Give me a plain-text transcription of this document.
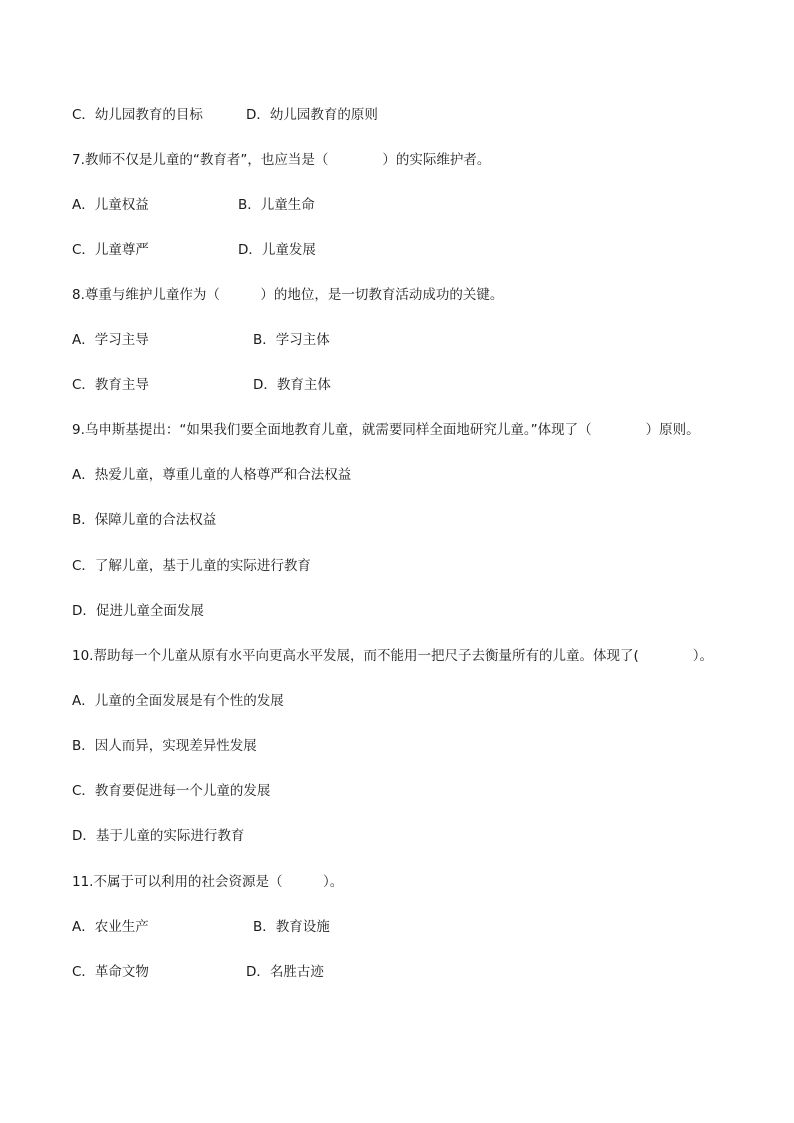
C．幼儿园教育的目标	D．幼儿园教育的原则
7.教师不仅是儿童的“教育者”，也应当是（　　　　）的实际维护者。
A．儿童权益	B．儿童生命
C．儿童尊严	D．儿童发展
8.尊重与维护儿童作为（　　　）的地位，是一切教育活动成功的关键。
A．学习主导	B．学习主体
C．教育主导	D．教育主体
9.乌申斯基提出：“如果我们要全面地教育儿童，就需要同样全面地研究儿童。”体现了（　　　　）原则。
A．热爱儿童，尊重儿童的人格尊严和合法权益
B．保障儿童的合法权益
C．了解儿童，基于儿童的实际进行教育
D．促进儿童全面发展
10.帮助每一个儿童从原有水平向更高水平发展，而不能用一把尺子去衡量所有的儿童。体现了(　　　　）。
A．儿童的全面发展是有个性的发展
B．因人而异，实现差异性发展
C．教育要促进每一个儿童的发展
D．基于儿童的实际进行教育
11.不属于可以利用的社会资源是（　　　）。
A．农业生产	B．教育设施
C．革命文物	D．名胜古迹
